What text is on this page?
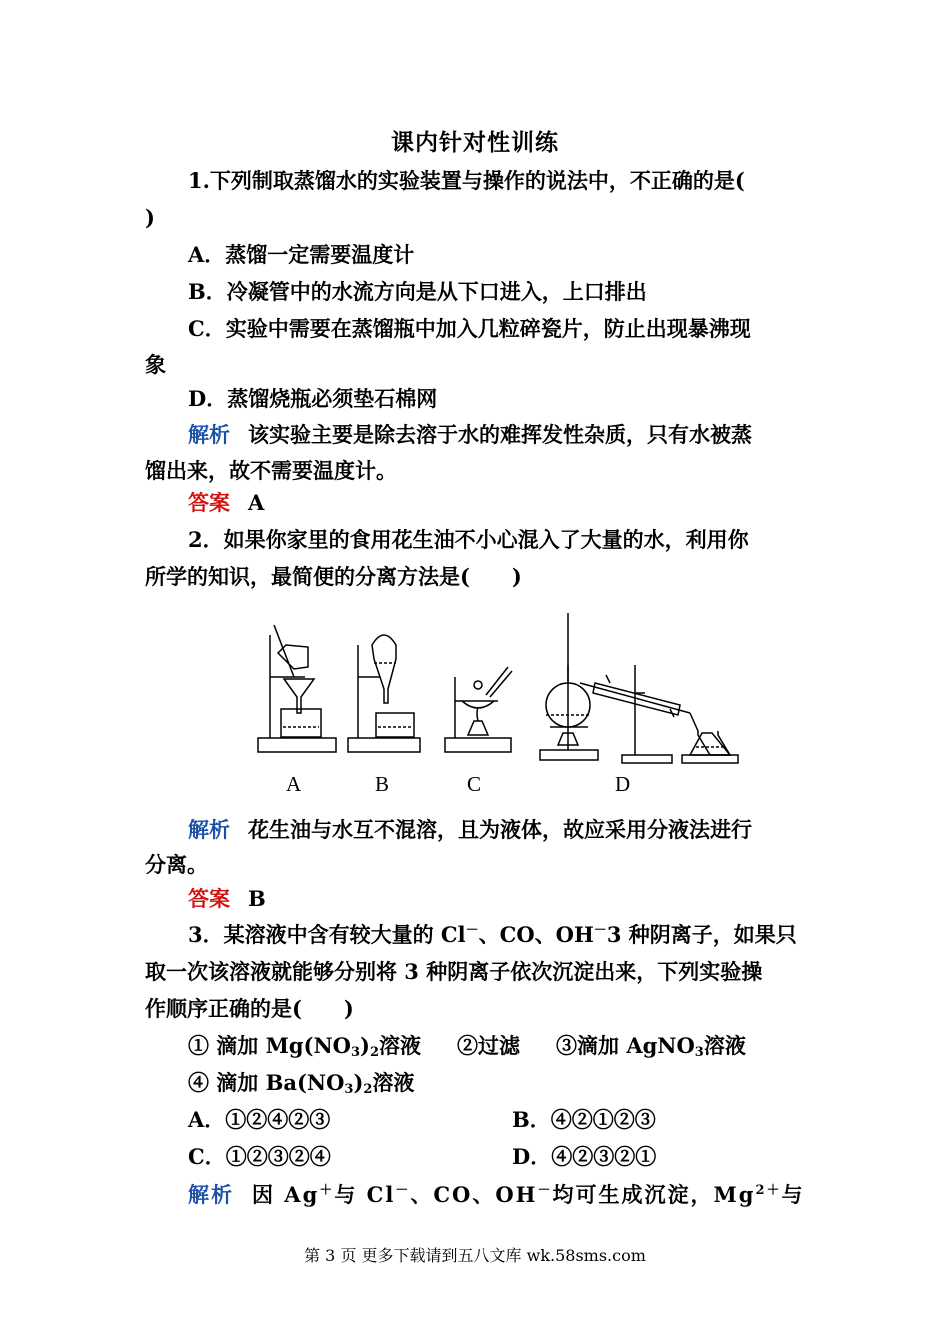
课内针对性训练
1.下列制取蒸馏水的实验装置与操作的说法中，不正确的是(
)
A．蒸馏一定需要温度计
B．冷凝管中的水流方向是从下口进入，上口排出
C．实验中需要在蒸馏瓶中加入几粒碎瓷片，防止出现暴沸现
象
D．蒸馏烧瓶必须垫石棉网
解析 该实验主要是除去溶于水的难挥发性杂质，只有水被蒸
馏出来，故不需要温度计。
答案 A
2．如果你家里的食用花生油不小心混入了大量的水，利用你
所学的知识，最简便的分离方法是(　　)
A	B	C	D
解析 花生油与水互不混溶，且为液体，故应采用分液法进行
分离。
答案 B
3．某溶液中含有较大量的 Cl－、CO、OH－3 种阴离子，如果只
取一次该溶液就能够分别将 3 种阴离子依次沉淀出来，下列实验操
作顺序正确的是(　　)
① 滴加 $Mg(NO_3)_2$溶液 ②过滤 ③滴加 AgNO$_3$溶液
④ 滴加 $Ba(NO_3)_2$溶液
A．①②④②③	B．④②①②③
C．①②③②④	D．④②③②①
解析 因 Ag＋与 Cl－、CO、OH－均可生成沉淀，$Mg^{2+}$与
第 3 页 更多下载请到五八文库 wk.58sms.com
